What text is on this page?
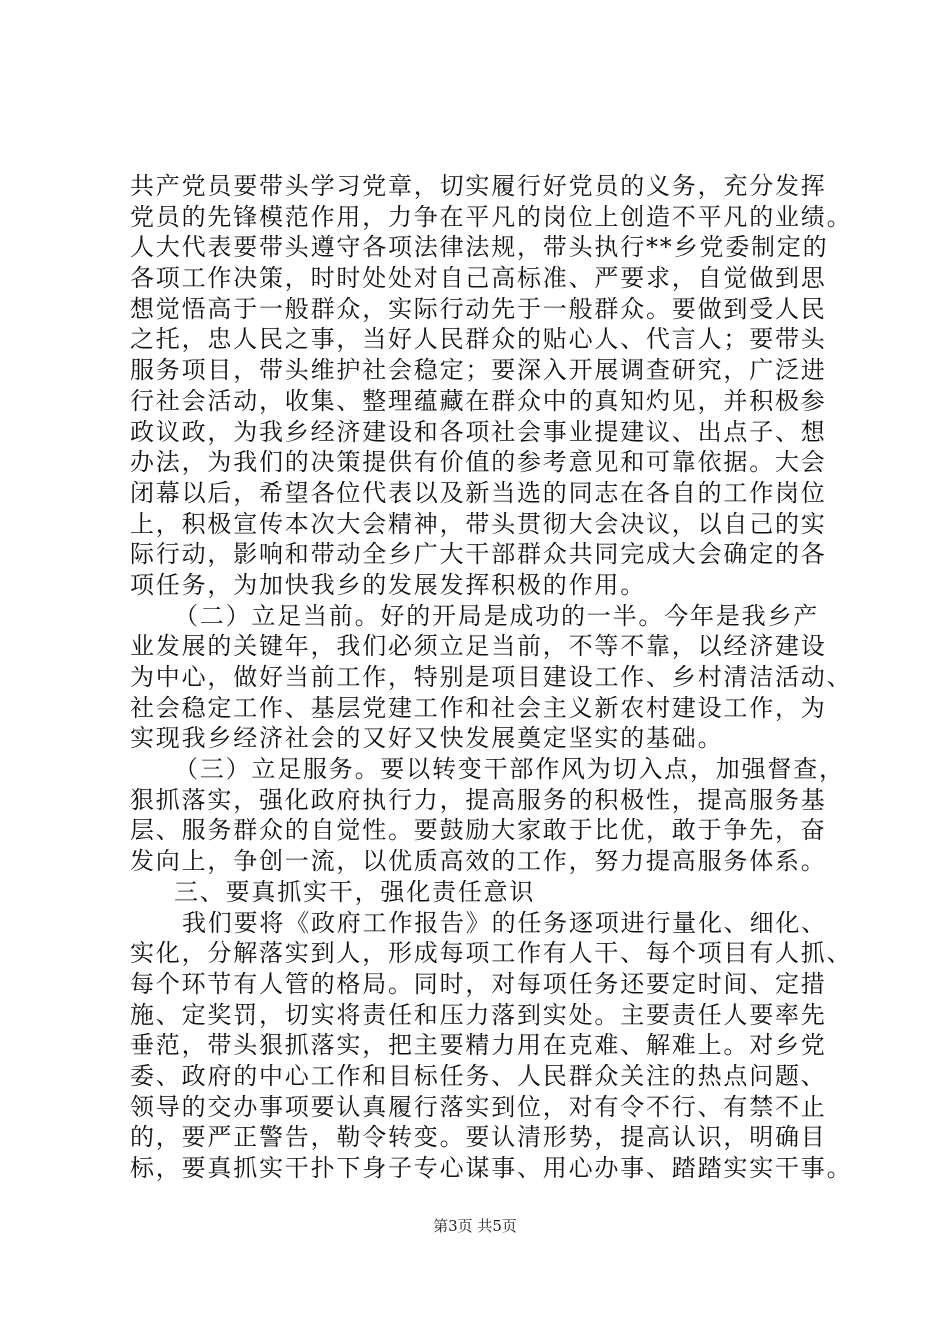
共产党员要带头学习党章，切实履行好党员的义务，充分发挥
党员的先锋模范作用，力争在平凡的岗位上创造不平凡的业绩。
人大代表要带头遵守各项法律法规，带头执行**乡党委制定的
各项工作决策，时时处处对自己高标准、严要求，自觉做到思
想觉悟高于一般群众，实际行动先于一般群众。要做到受人民
之托，忠人民之事，当好人民群众的贴心人、代言人；要带头
服务项目，带头维护社会稳定；要深入开展调查研究，广泛进
行社会活动，收集、整理蕴藏在群众中的真知灼见，并积极参
政议政，为我乡经济建设和各项社会事业提建议、出点子、想
办法，为我们的决策提供有价值的参考意见和可靠依据。大会
闭幕以后，希望各位代表以及新当选的同志在各自的工作岗位
上，积极宣传本次大会精神，带头贯彻大会决议，以自己的实
际行动，影响和带动全乡广大干部群众共同完成大会确定的各
项任务，为加快我乡的发展发挥积极的作用。
（二）立足当前。好的开局是成功的一半。今年是我乡产
业发展的关键年，我们必须立足当前，不等不靠，以经济建设
为中心，做好当前工作，特别是项目建设工作、乡村清洁活动、
社会稳定工作、基层党建工作和社会主义新农村建设工作，为
实现我乡经济社会的又好又快发展奠定坚实的基础。
（三）立足服务。要以转变干部作风为切入点，加强督查，
狠抓落实，强化政府执行力，提高服务的积极性，提高服务基
层、服务群众的自觉性。要鼓励大家敢于比优，敢于争先，奋
发向上，争创一流，以优质高效的工作，努力提高服务体系。
三、要真抓实干，强化责任意识
我们要将《政府工作报告》的任务逐项进行量化、细化、
实化，分解落实到人，形成每项工作有人干、每个项目有人抓、
每个环节有人管的格局。同时，对每项任务还要定时间、定措
施、定奖罚，切实将责任和压力落到实处。主要责任人要率先
垂范，带头狠抓落实，把主要精力用在克难、解难上。对乡党
委、政府的中心工作和目标任务、人民群众关注的热点问题、
领导的交办事项要认真履行落实到位，对有令不行、有禁不止
的，要严正警告，勒令转变。要认清形势，提高认识，明确目
标，要真抓实干扑下身子专心谋事、用心办事、踏踏实实干事。
第3页 共5页
